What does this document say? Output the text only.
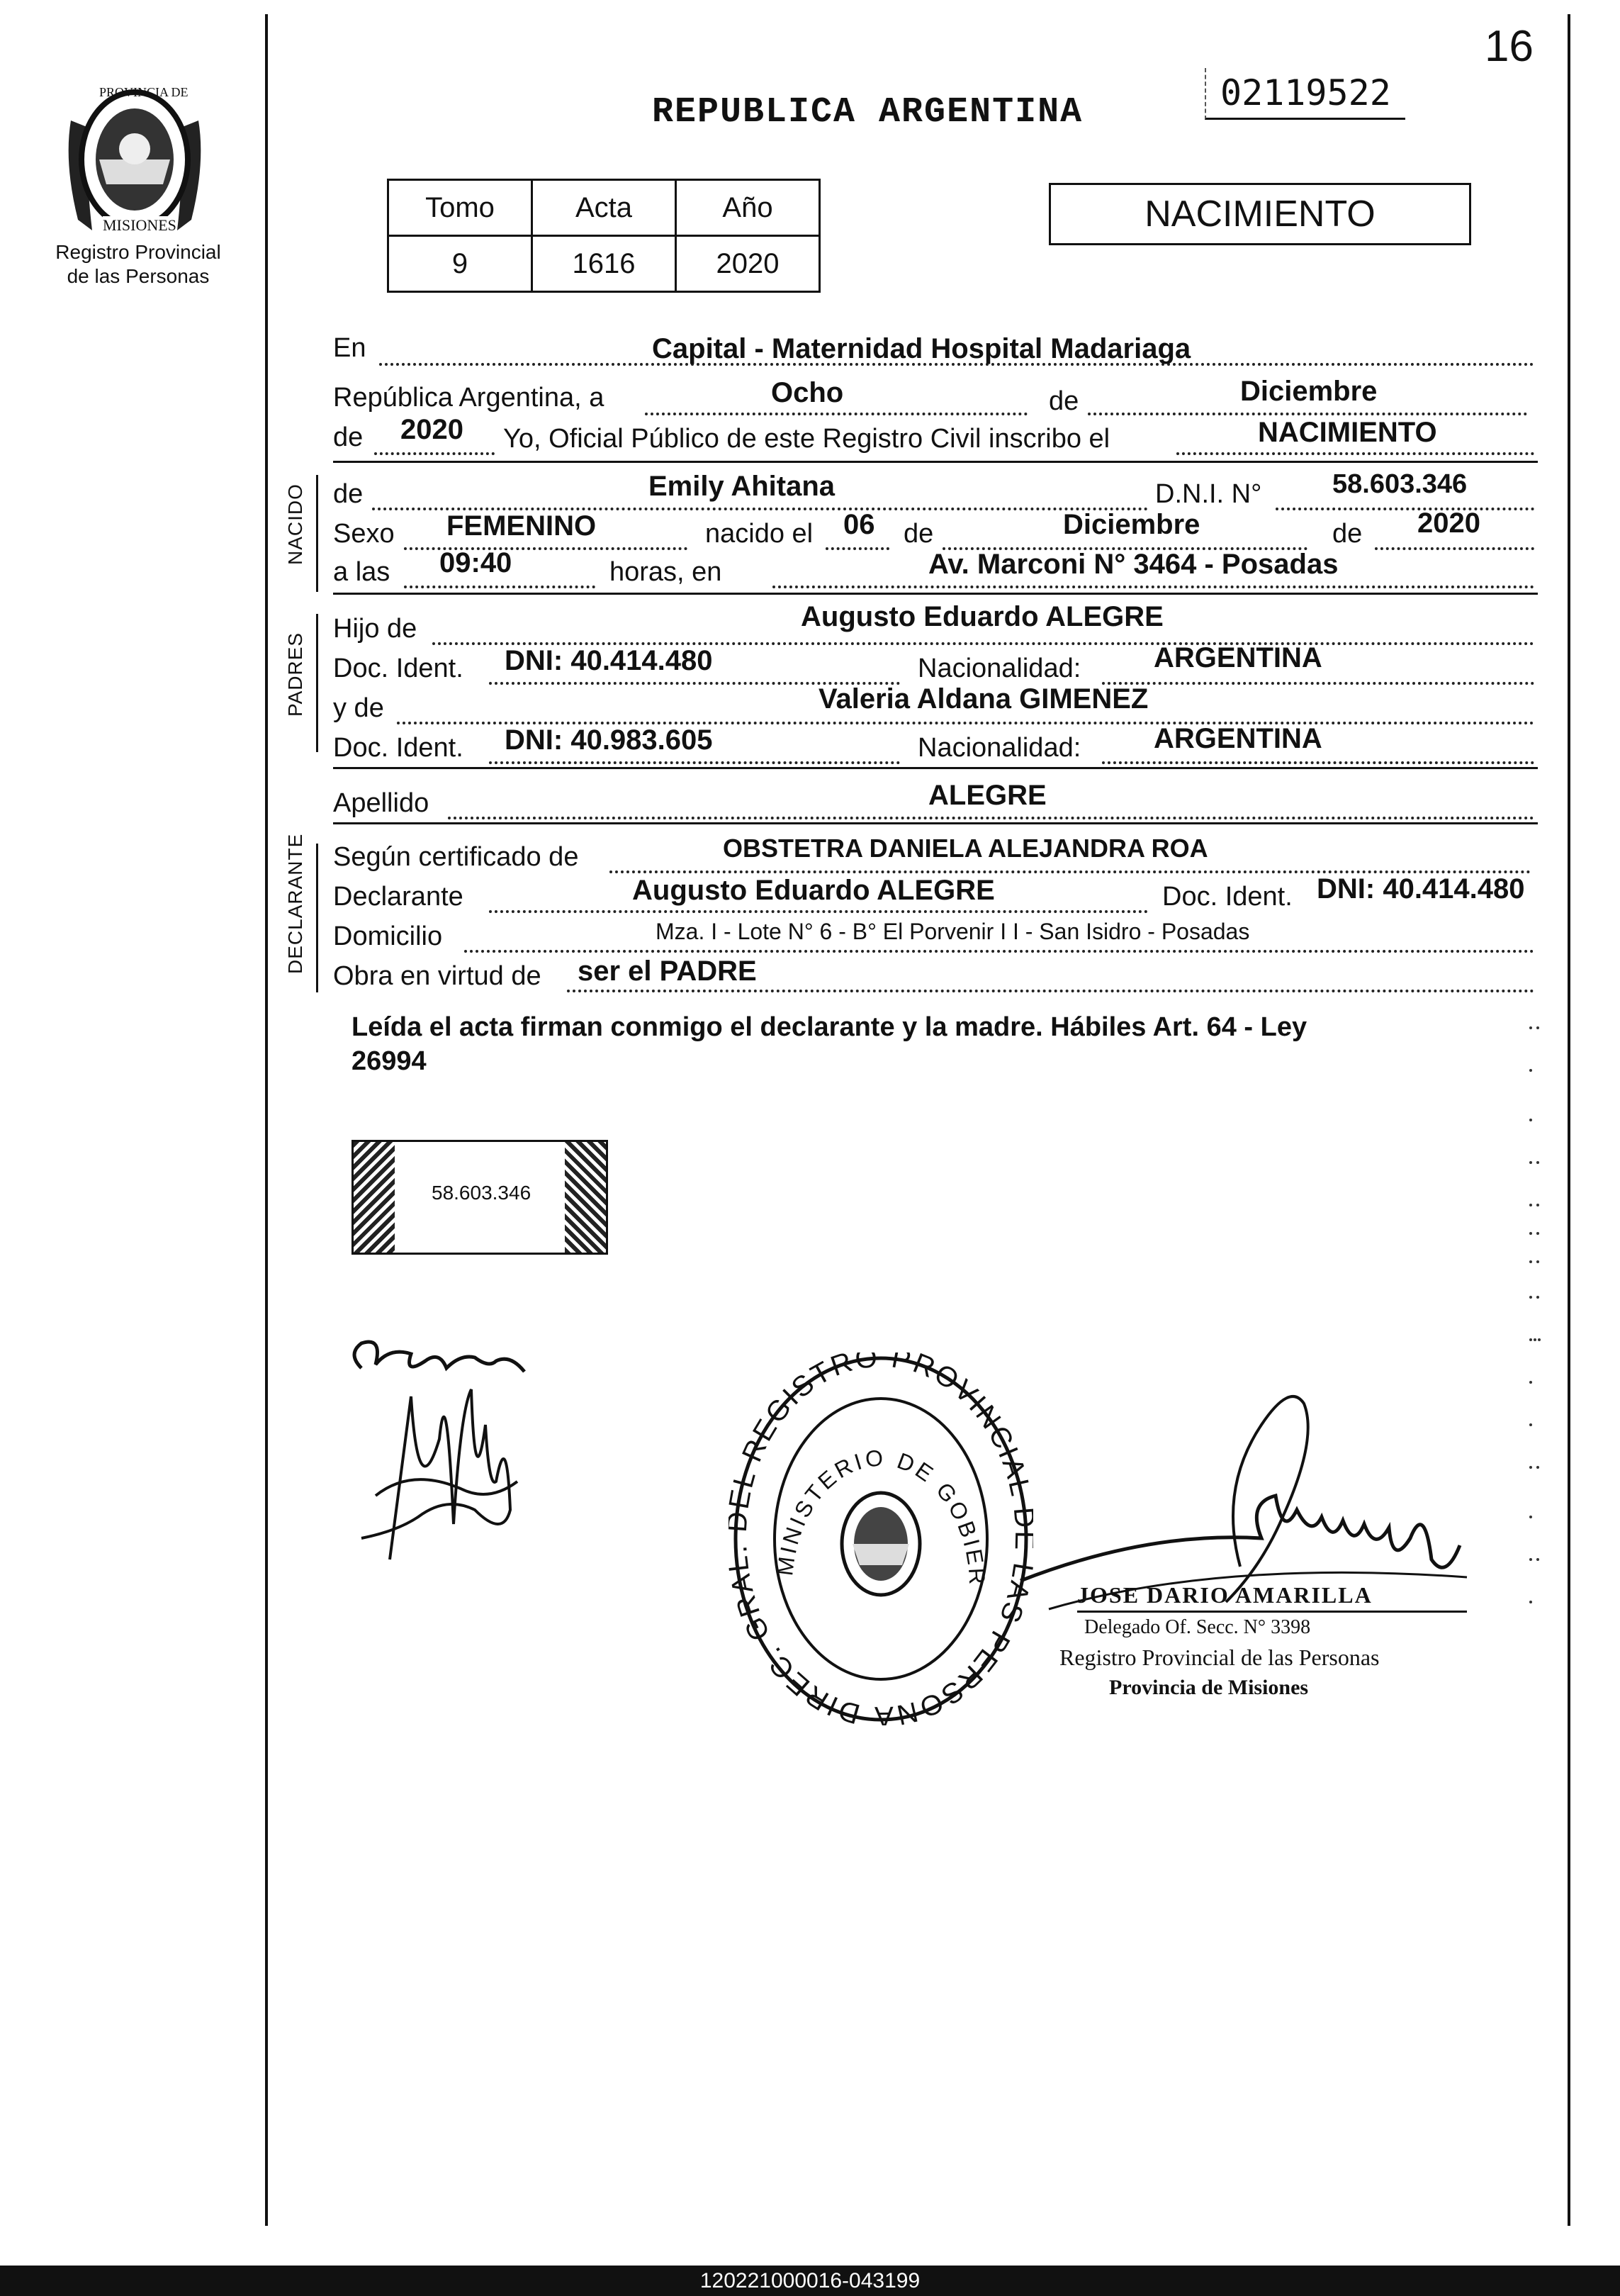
PROVINCIA DE
MISIONES
Registro Provincial
de las Personas
REPUBLICA ARGENTINA	02119522
16
Tomo	Acta	Año
9	1616	2020
NACIMIENTO
En	Capital - Maternidad Hospital Madariaga
República Argentina, a	Ocho	de	Diciembre
de 2020 Yo, Oficial Público de este Registro Civil inscribo el	NACIMIENTO
NACIDO de	Emily Ahitana	D.N.I. N°	58.603.346
Sexo FEMENINO	nacido el 06 de	Diciembre	de 2020
a las 09:40	horas, en	Av. Marconi N° 3464 - Posadas
PADRES
Hijo de	Augusto Eduardo ALEGRE
Doc. Ident. DNI: 40.414.480	Nacionalidad:	ARGENTINA
y de	Valeria Aldana GIMENEZ
Doc. Ident. DNI: 40.983.605	Nacionalidad:	ARGENTINA
Apellido	ALEGRE
DECLARANTE Según certificado de	OBSTETRA DANIELA ALEJANDRA ROA
Declarante	Augusto Eduardo ALEGRE	Doc. Ident. DNI: 40.414.480
Domicilio	Mza. I - Lote N° 6 - B° El Porvenir I I - San Isidro - Posadas
Obra en virtud de ser el PADRE
Leída el acta firman conmigo el declarante y la madre. Hábiles Art. 64 - Ley
26994
58.603.346
DIREC. GR L REGISTRO PROVINCIAL AS PERSONA
MINISTERIO DE GOBIER
JOSE DARIO AMARILLA
Delegado Of. Secc. N° 3398
Registro Provincial de las Personas
Provincia de Misiones
120221000016-043199
